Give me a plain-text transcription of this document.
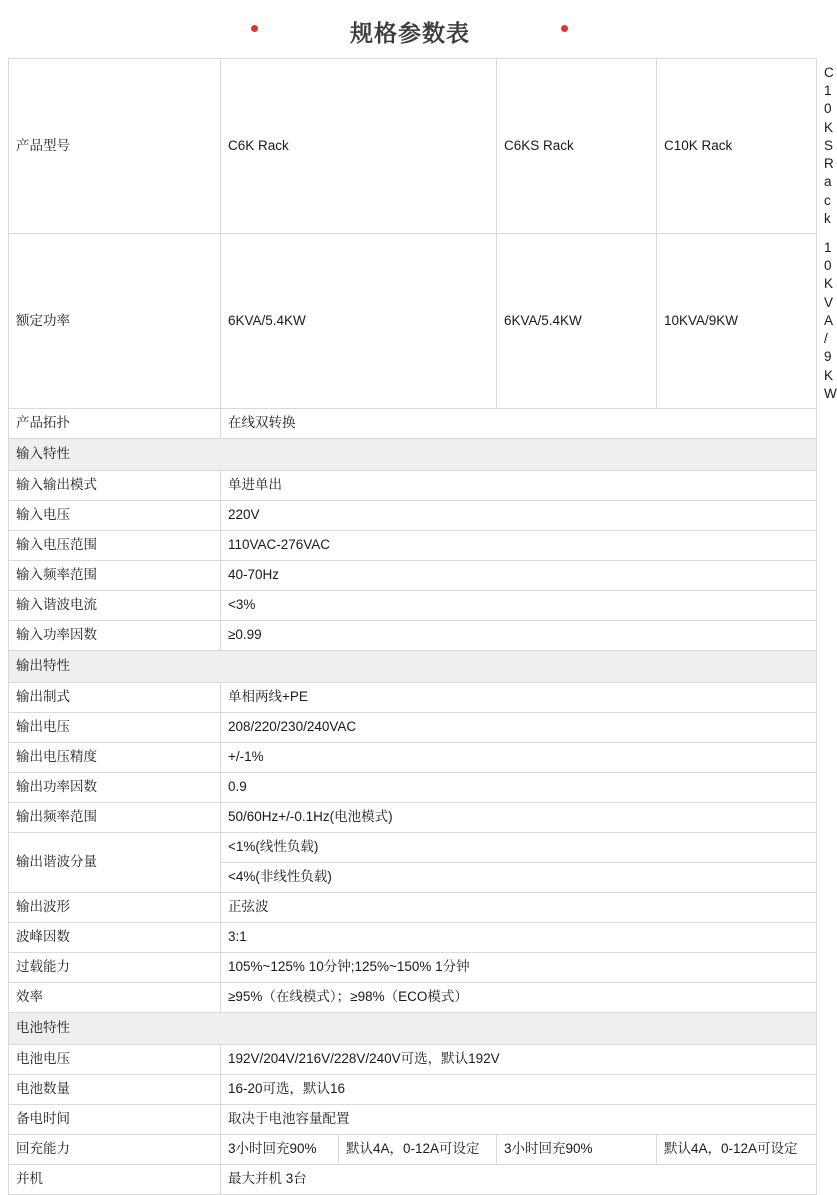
规格参数表
产品型号	C6K Rack		C6KS Rack	C10K Rack	C10KS Rack
额定功率	6KVA/5.4KW		6KVA/5.4KW	10KVA/9KW	10KVA/9KW
产品拓扑	在线双转换				
输入特性					
输入输出模式	单进单出				
输入电压	220V				
输入电压范围	110VAC-276VAC				
输入频率范围	40-70Hz				
输入谐波电流	<3%				
输入功率因数	≥0.99				
输出特性					
输出制式	单相两线+PE				
输出电压	208/220/230/240VAC				
输出电压精度	+/-1%				
输出功率因数	0.9				
输出频率范围	50/60Hz+/-0.1Hz(电池模式)				
输出谐波分量	<1%(线性负载)				
	<4%(非线性负载)				
输出波形	正弦波				
波峰因数	3:1				
过载能力	105%~125% 10分钟;125%~150% 1分钟				
效率	≥95%（在线模式）；≥98%（ECO模式）				
电池特性					
电池电压	192V/204V/216V/228V/240V可选，默认192V				
电池数量	16-20可选，默认16				
备电时间	取决于电池容量配置				
回充能力	3小时回充90%	默认4A，0-12A可设定	3小时回充90%	默认4A，0-12A可设定	
并机	最大并机 3台				
